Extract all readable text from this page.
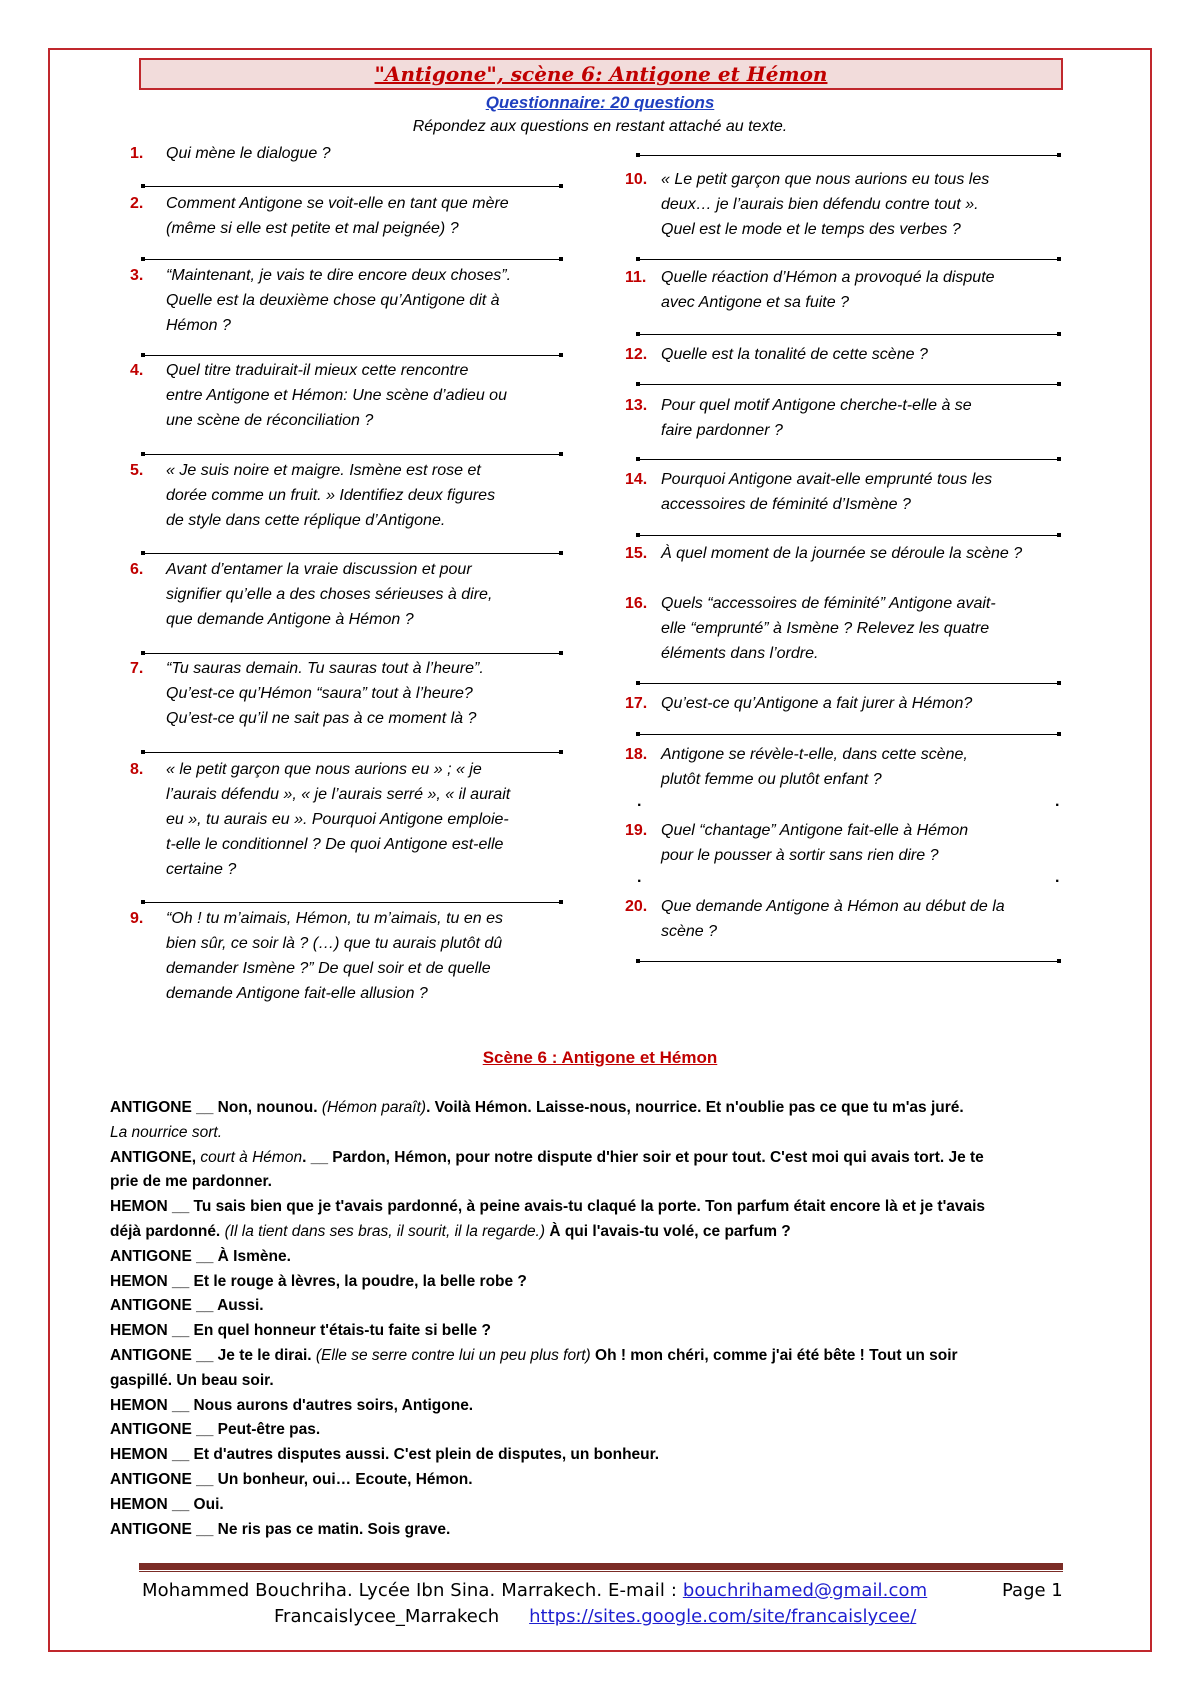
"Antigone", scène 6: Antigone et Hémon
Questionnaire: 20 questions
Répondez aux questions en restant attaché au texte.
1. Qui mène le dialogue ?
2. Comment Antigone se voit-elle en tant que mère
(même si elle est petite et mal peignée) ?
3. “Maintenant, je vais te dire encore deux choses”.
Quelle est la deuxième chose qu’Antigone dit à
Hémon ?
4. Quel titre traduirait-il mieux cette rencontre
entre Antigone et Hémon: Une scène d’adieu ou
une scène de réconciliation ?
5. « Je suis noire et maigre. Ismène est rose et
dorée comme un fruit. » Identifiez deux figures
de style dans cette réplique d’Antigone.
6. Avant d’entamer la vraie discussion et pour
signifier qu’elle a des choses sérieuses à dire,
que demande Antigone à Hémon ?
7. “Tu sauras demain. Tu sauras tout à l’heure”.
Qu’est-ce qu’Hémon “saura” tout à l’heure?
Qu’est-ce qu’il ne sait pas à ce moment là ?
8. « le petit garçon que nous aurions eu » ; « je
l’aurais défendu », « je l’aurais serré », « il aurait
eu », tu aurais eu ». Pourquoi Antigone emploie-
t-elle le conditionnel ? De quoi Antigone est-elle
certaine ?
9. “Oh ! tu m’aimais, Hémon, tu m’aimais, tu en es
bien sûr, ce soir là ? (…) que tu aurais plutôt dû
demander Ismène ?” De quel soir et de quelle
demande Antigone fait-elle allusion ?
10. « Le petit garçon que nous aurions eu tous les
deux… je l’aurais bien défendu contre tout ».
Quel est le mode et le temps des verbes ?
11. Quelle réaction d’Hémon a provoqué la dispute
avec Antigone et sa fuite ?
12. Quelle est la tonalité de cette scène ?
13. Pour quel motif Antigone cherche-t-elle à se
faire pardonner ?
14. Pourquoi Antigone avait-elle emprunté tous les
accessoires de féminité d’Ismène ?
15. À quel moment de la journée se déroule la scène ?
16. Quels “accessoires de féminité” Antigone avait-
elle “emprunté” à Ismène ? Relevez les quatre
éléments dans l’ordre.
17. Qu’est-ce qu’Antigone a fait jurer à Hémon?
18. Antigone se révèle-t-elle, dans cette scène,
plutôt femme ou plutôt enfant ?
19. Quel “chantage” Antigone fait-elle à Hémon
pour le pousser à sortir sans rien dire ?
20. Que demande Antigone à Hémon au début de la
scène ?
.	.
.	.
Scène 6 : Antigone et Hémon
ANTIGONE __ Non, nounou. (Hémon paraît). Voilà Hémon. Laisse-nous, nourrice. Et n'oublie pas ce que tu m'as juré.
La nourrice sort.
ANTIGONE, court à Hémon. __ Pardon, Hémon, pour notre dispute d'hier soir et pour tout. C'est moi qui avais tort. Je te
prie de me pardonner.
HEMON __ Tu sais bien que je t'avais pardonné, à peine avais-tu claqué la porte. Ton parfum était encore là et je t'avais
déjà pardonné. (Il la tient dans ses bras, il sourit, il la regarde.) À qui l'avais-tu volé, ce parfum ?
ANTIGONE __ À Ismène.
HEMON __ Et le rouge à lèvres, la poudre, la belle robe ?
ANTIGONE __ Aussi.
HEMON __ En quel honneur t'étais-tu faite si belle ?
ANTIGONE __ Je te le dirai. (Elle se serre contre lui un peu plus fort) Oh ! mon chéri, comme j'ai été bête ! Tout un soir
gaspillé. Un beau soir.
HEMON __ Nous aurons d'autres soirs, Antigone.
ANTIGONE __ Peut-être pas.
HEMON __ Et d'autres disputes aussi. C'est plein de disputes, un bonheur.
ANTIGONE __ Un bonheur, oui… Ecoute, Hémon.
HEMON __ Oui.
ANTIGONE __ Ne ris pas ce matin. Sois grave.
Mohammed Bouchriha. Lycée Ibn Sina. Marrakech. E-mail : bouchrihamed@gmail.com	Page 1
Francaislycee_Marrakech https://sites.google.com/site/francaislycee/
